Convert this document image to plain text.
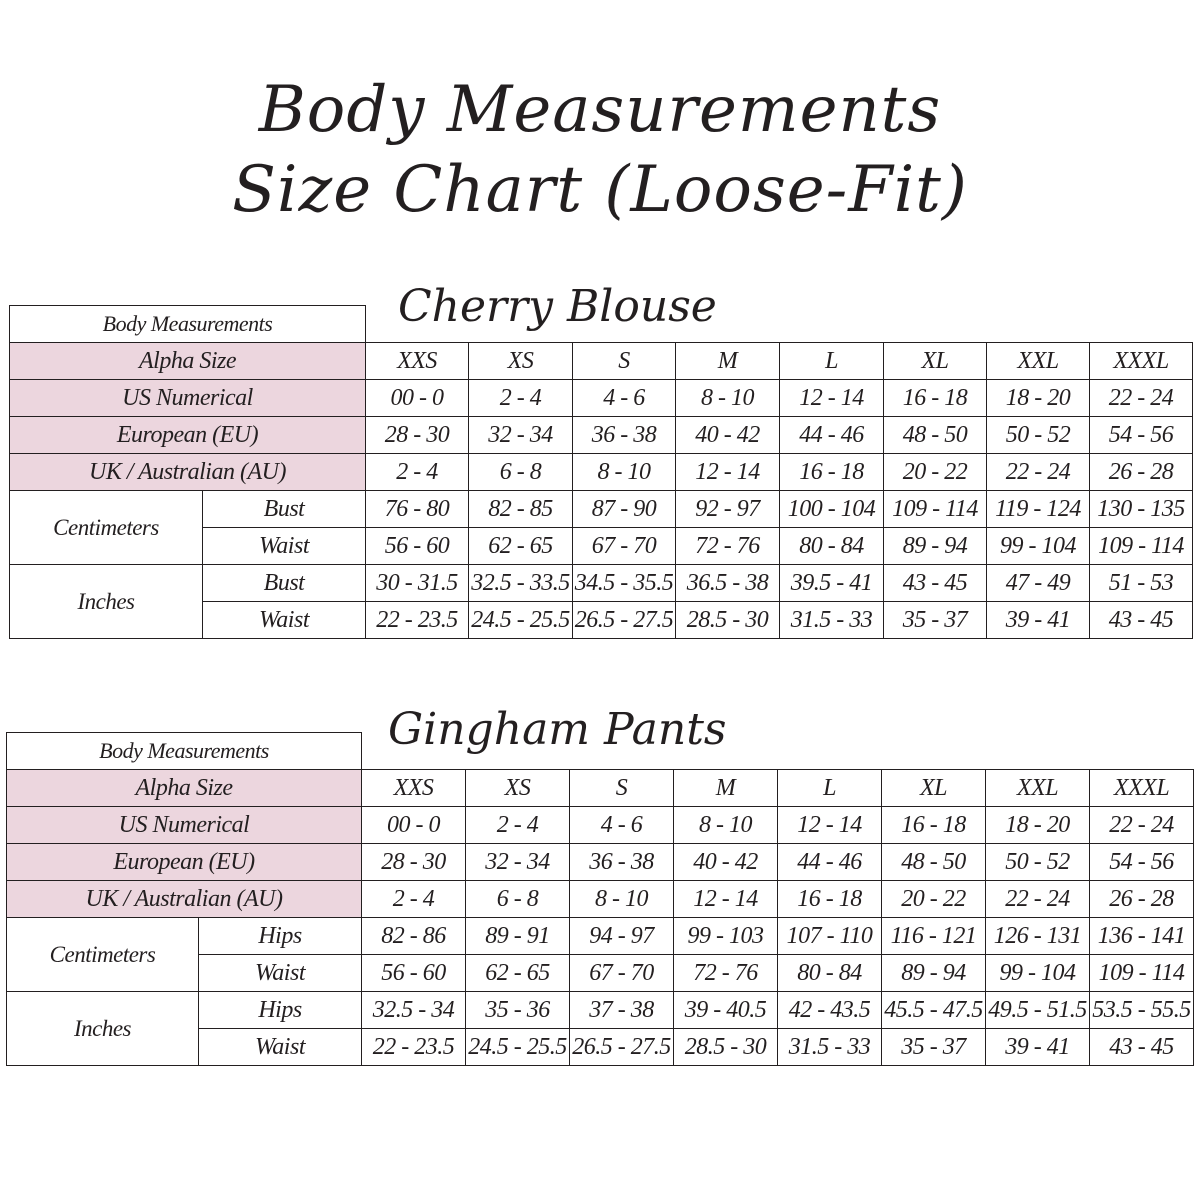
Body Measurements
Size Chart (Loose-Fit)
Cherry Blouse
Body Measurements									
Alpha Size		XXS	XS	S	M	L	XL	XXL	XXXL
US Numerical		00 - 0	2 - 4	4 - 6	8 - 10	12 - 14	16 - 18	18 - 20	22 - 24
European (EU)		28 - 30	32 - 34	36 - 38	40 - 42	44 - 46	48 - 50	50 - 52	54 - 56
UK / Australian (AU)		2 - 4	6 - 8	8 - 10	12 - 14	16 - 18	20 - 22	22 - 24	26 - 28
Centimeters	Bust	76 - 80	82 - 85	87 - 90	92 - 97	100 - 104	109 - 114	119 - 124	130 - 135
	Waist	56 - 60	62 - 65	67 - 70	72 - 76	80 - 84	89 - 94	99 - 104	109 - 114
Inches	Bust	30 - 31.5	32.5 - 33.5	34.5 - 35.5	36.5 - 38	39.5 - 41	43 - 45	47 - 49	51 - 53
	Waist	22 - 23.5	24.5 - 25.5	26.5 - 27.5	28.5 - 30	31.5 - 33	35 - 37	39 - 41	43 - 45
Gingham Pants
Body Measurements									
Alpha Size		XXS	XS	S	M	L	XL	XXL	XXXL
US Numerical		00 - 0	2 - 4	4 - 6	8 - 10	12 - 14	16 - 18	18 - 20	22 - 24
European (EU)		28 - 30	32 - 34	36 - 38	40 - 42	44 - 46	48 - 50	50 - 52	54 - 56
UK / Australian (AU)		2 - 4	6 - 8	8 - 10	12 - 14	16 - 18	20 - 22	22 - 24	26 - 28
Centimeters	Hips	82 - 86	89 - 91	94 - 97	99 - 103	107 - 110	116 - 121	126 - 131	136 - 141
	Waist	56 - 60	62 - 65	67 - 70	72 - 76	80 - 84	89 - 94	99 - 104	109 - 114
Inches	Hips	32.5 - 34	35 - 36	37 - 38	39 - 40.5	42 - 43.5	45.5 - 47.5	49.5 - 51.5	53.5 - 55.5
	Waist	22 - 23.5	24.5 - 25.5	26.5 - 27.5	28.5 - 30	31.5 - 33	35 - 37	39 - 41	43 - 45
